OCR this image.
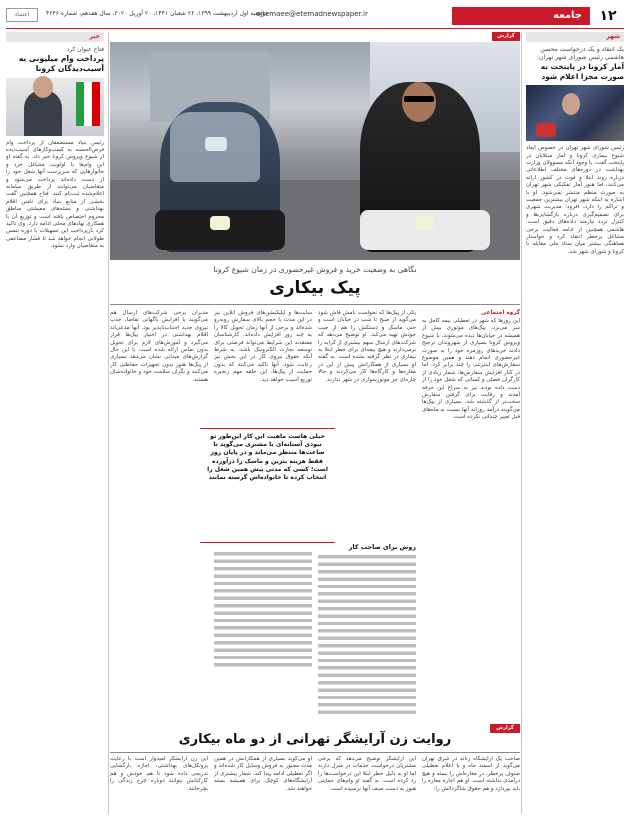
۱۲
جامعه
ejtemaee@etemadnewspaper.ir
دوشنبه اول اردیبهشت ۱۳۹۹، ۲۶ شعبان ۱۴۴۱، ۲۰ آوریل ۲۰۲۰، سال هفدهم، شماره ۴۶۴۶
اعتماد
شهر
یک انتقاد و یک درخواست محسن هاشمی رئیس شورای شهر تهران:
آمار کرونا در پایتخت به صورت مجزا اعلام شود
رئیس شورای شهر تهران در خصوص ابعاد شیوع بیماری کرونا و آمار مبتلایان در پایتخت گفت: با وجود آنکه مسوولان وزارت بهداشت در دوره‌های مختلف اطلاعاتی درباره روند ابتلا و فوت در کشور ارائه می‌کنند، اما هنوز آمار تفکیکی شهر تهران به صورت منظم منتشر نمی‌شود. او با اشاره به اینکه شهر تهران بیشترین جمعیت و تراکم را دارد، افزود: مدیریت شهری برای تصمیم‌گیری درباره بازگشایی‌ها و کنترل تردد نیازمند داده‌های دقیق است. هاشمی همچنین از ادامه فعالیت برخی مشاغل پرخطر انتقاد کرد و خواستار هماهنگی بیشتر میان ستاد ملی مقابله با کرونا و شورای شهر شد.
گزارش
نگاهی به وضعیت خرید و فروش غیرحضوری در زمان شیوع کرونا
پیک بیکاری
گروه اجتماعی
این روزها که شهر در تعطیلی نیمه کامل به سر می‌برد، پیک‌های موتوری بیش از همیشه در خیابان‌ها دیده می‌شوند. با شیوع ویروس کرونا بسیاری از شهروندان ترجیح دادند خریدهای روزمره خود را به صورت غیرحضوری انجام دهند و همین موضوع سفارش‌های اینترنتی را چند برابر کرد. اما در کنار افزایش سفارش‌ها، شمار زیادی از کارگران فصلی و کسانی که شغل خود را از دست داده بودند نیز به سراغ این حرفه آمدند و رقابت برای گرفتن سفارش سخت‌تر از گذشته شد. بسیاری از پیک‌ها می‌گویند درآمد روزانه آنها نسبت به ماه‌های قبل تغییر چندانی نکرده است.
یکی از پیک‌ها که نخواست نامش فاش شود می‌گوید از صبح تا شب در خیابان است و حتی ماسک و دستکش را هم از جیب خودش تهیه می‌کند. او توضیح می‌دهد که شرکت‌های ارسال سهم بیشتری از کرایه را برمی‌دارند و هیچ بیمه‌ای برای خطر ابتلا به بیماری در نظر گرفته نشده است. به گفته او بسیاری از همکارانش پیش از این در مغازه‌ها و کارگاه‌ها کار می‌کردند و حالا چاره‌ای جز موتورسواری در شهر ندارند.
روش برای صاحب کار
سایت‌ها و اپلیکیشن‌های فروش آنلاین نیز در این مدت با حجم بالای سفارش روبه‌رو شده‌اند و برخی از آنها زمان تحویل کالا را به چند روز افزایش داده‌اند. کارشناسان معتقدند این شرایط می‌تواند فرصتی برای توسعه تجارت الکترونیک باشد، به شرط آنکه حقوق نیروی کار در این بخش نیز رعایت شود. آنها تاکید می‌کنند که بدون حمایت از پیک‌ها، این حلقه مهم زنجیره توزیع آسیب خواهد دید.
مدیران برخی شرکت‌های ارسال هم می‌گویند با افزایش ناگهانی تقاضا، جذب نیروی جدید اجتناب‌ناپذیر بود. آنها مدعی‌اند اقلام بهداشتی در اختیار پیک‌ها قرار می‌گیرد و آموزش‌های لازم برای تحویل بدون تماس ارائه شده است. با این حال گزارش‌های میدانی نشان می‌دهد بسیاری از پیک‌ها هنوز بدون تجهیزات حفاظتی کار می‌کنند و نگران سلامت خود و خانواده‌شان هستند.
خیلی هاست ماهیت این کار این‌طور تو نبودی آستانه‌ای با مشتری می‌گوید تا ساعت‌ها منتظر می‌ماند و در پایان روز فقط هزینه بنزین و ماسک را درآورده است؛ کسی که مدتی پیش همین شغل را انتخاب کرده تا خانواده‌اش گرسنه نمانند
گزارش
روایت زن آرایشگر تهرانی از دو ماه بیکاری
صاحب یک آرایشگاه زنانه در شرق تهران می‌گوید از اسفند ماه و با اعلام تعطیلی صنوف پرخطر، درِ مغازه‌اش را بسته و هیچ درآمدی نداشته است. او هم اجاره مغازه را باید بپردازد و هم حقوق شاگردانش را.
این آرایشگر توضیح می‌دهد که برخی مشتریان درخواست خدمات در منزل دارند اما او به دلیل خطر ابتلا این درخواست‌ها را رد کرده است. به گفته او وام‌های حمایتی هنوز به دست صنف آنها نرسیده است.
او می‌گوید بسیاری از همکارانش در همین مدت مجبور به فروش وسایل کار شده‌اند و اگر تعطیلی ادامه پیدا کند، شمار بیشتری از آرایشگاه‌های کوچک برای همیشه بسته خواهند شد.
این زن آرایشگر امیدوار است با رعایت پروتکل‌های بهداشتی، اجازه بازگشایی تدریجی داده شود تا هم خودش و هم کارکنانش بتوانند دوباره چرخ زندگی را بچرخانند.
خبر
فتاح عنوان کرد
پرداخت وام میلیونی به آسیب‌دیدگان کرونا
رئیس بنیاد مستضعفان از پرداخت وام قرض‌الحسنه به کسب‌وکارهای آسیب‌دیده از شیوع ویروس کرونا خبر داد. به گفته او این وام‌ها با اولویت مشاغل خرد و خانوارهایی که سرپرست آنها شغل خود را از دست داده‌اند پرداخت می‌شود و متقاضیان می‌توانند از طریق سامانه اعلام‌شده ثبت‌نام کنند. فتاح همچنین گفت بخشی از منابع بنیاد برای تامین اقلام بهداشتی و بسته‌های معیشتی مناطق محروم اختصاص یافته است و توزیع آن با همکاری نهادهای محلی ادامه دارد. وی تاکید کرد بازپرداخت این تسهیلات با دوره تنفس طولانی انجام خواهد شد تا فشار مضاعفی به متقاضیان وارد نشود.
